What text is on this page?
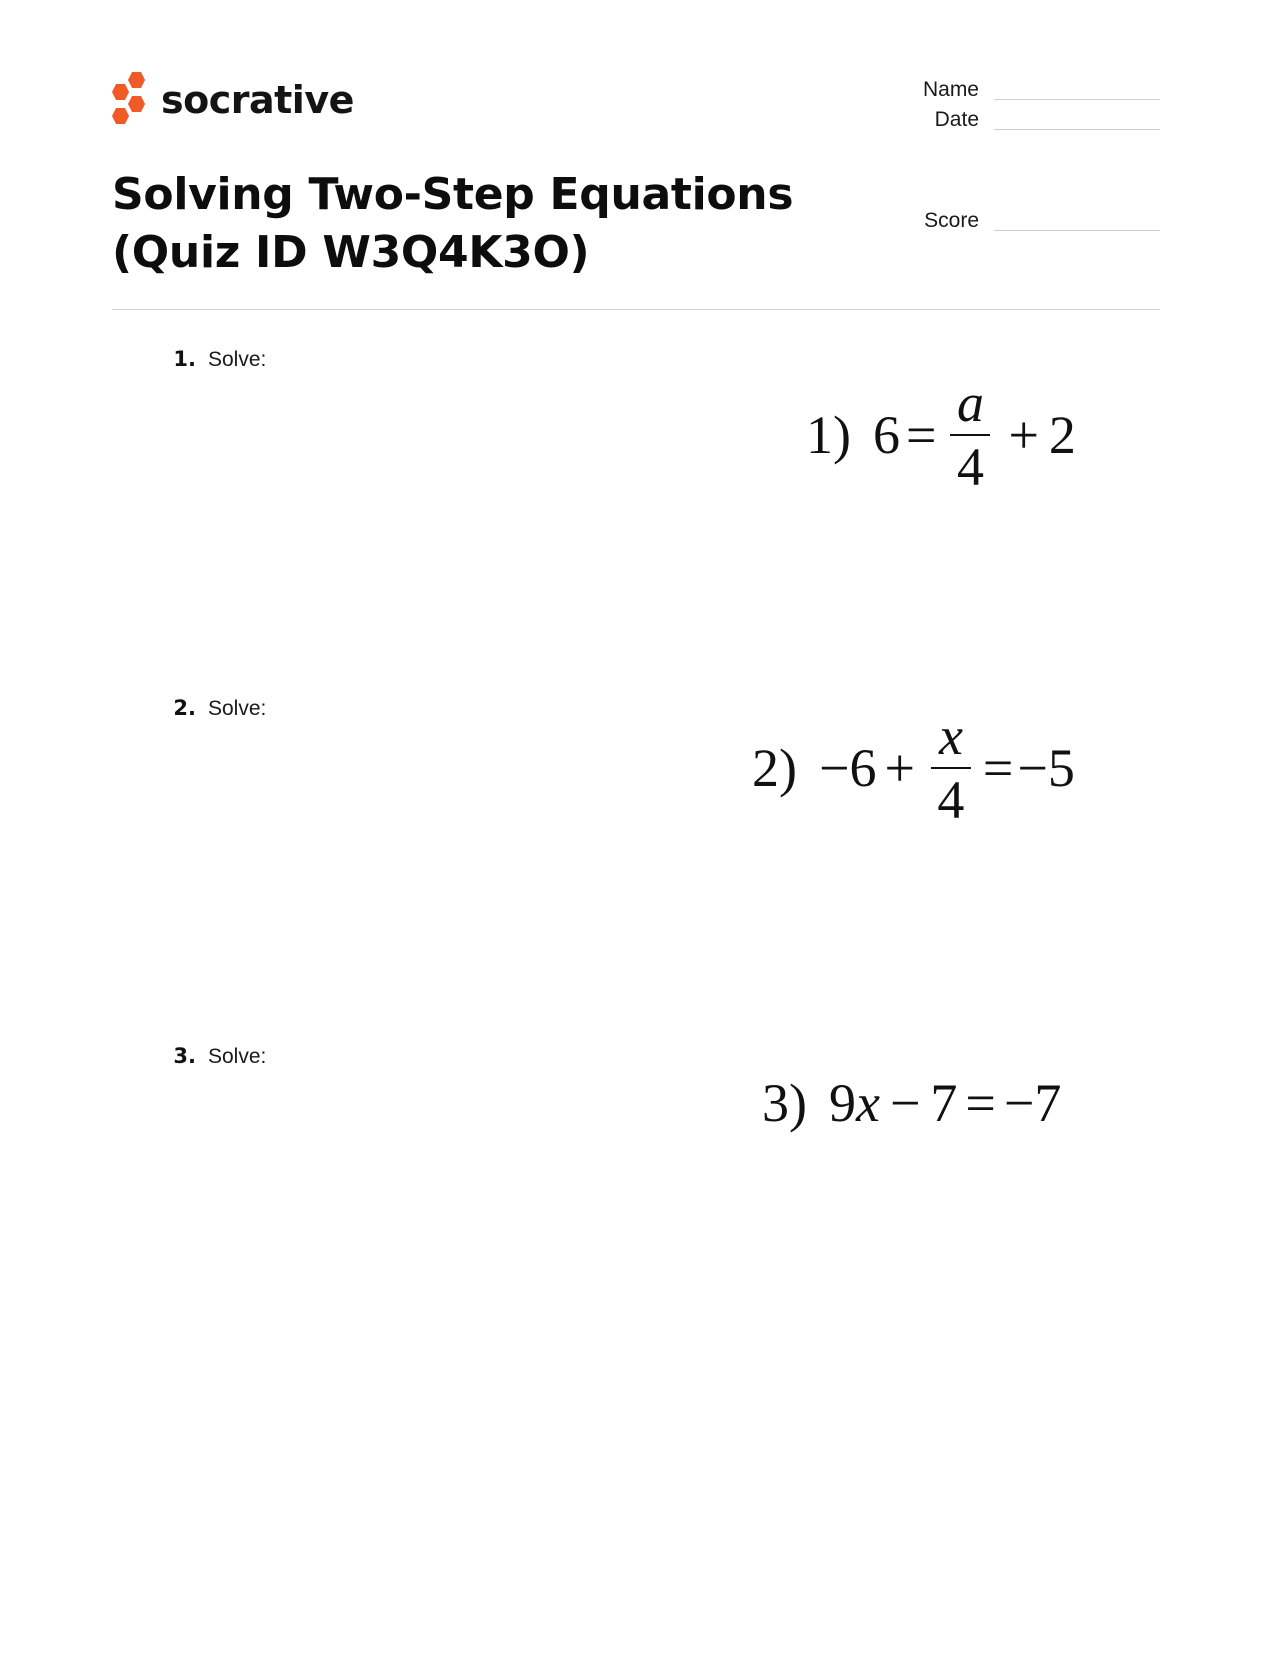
socrative	Name
Date
Score
Solving Two-Step Equations
(Quiz ID W3Q4K3O)
1. Solve:
1) $6 = \frac{a}{4} + 2$
2. Solve:
$2) -6 + \frac{x}{4} = -5$
3. Solve:
3) 9 x − 7 = −7
